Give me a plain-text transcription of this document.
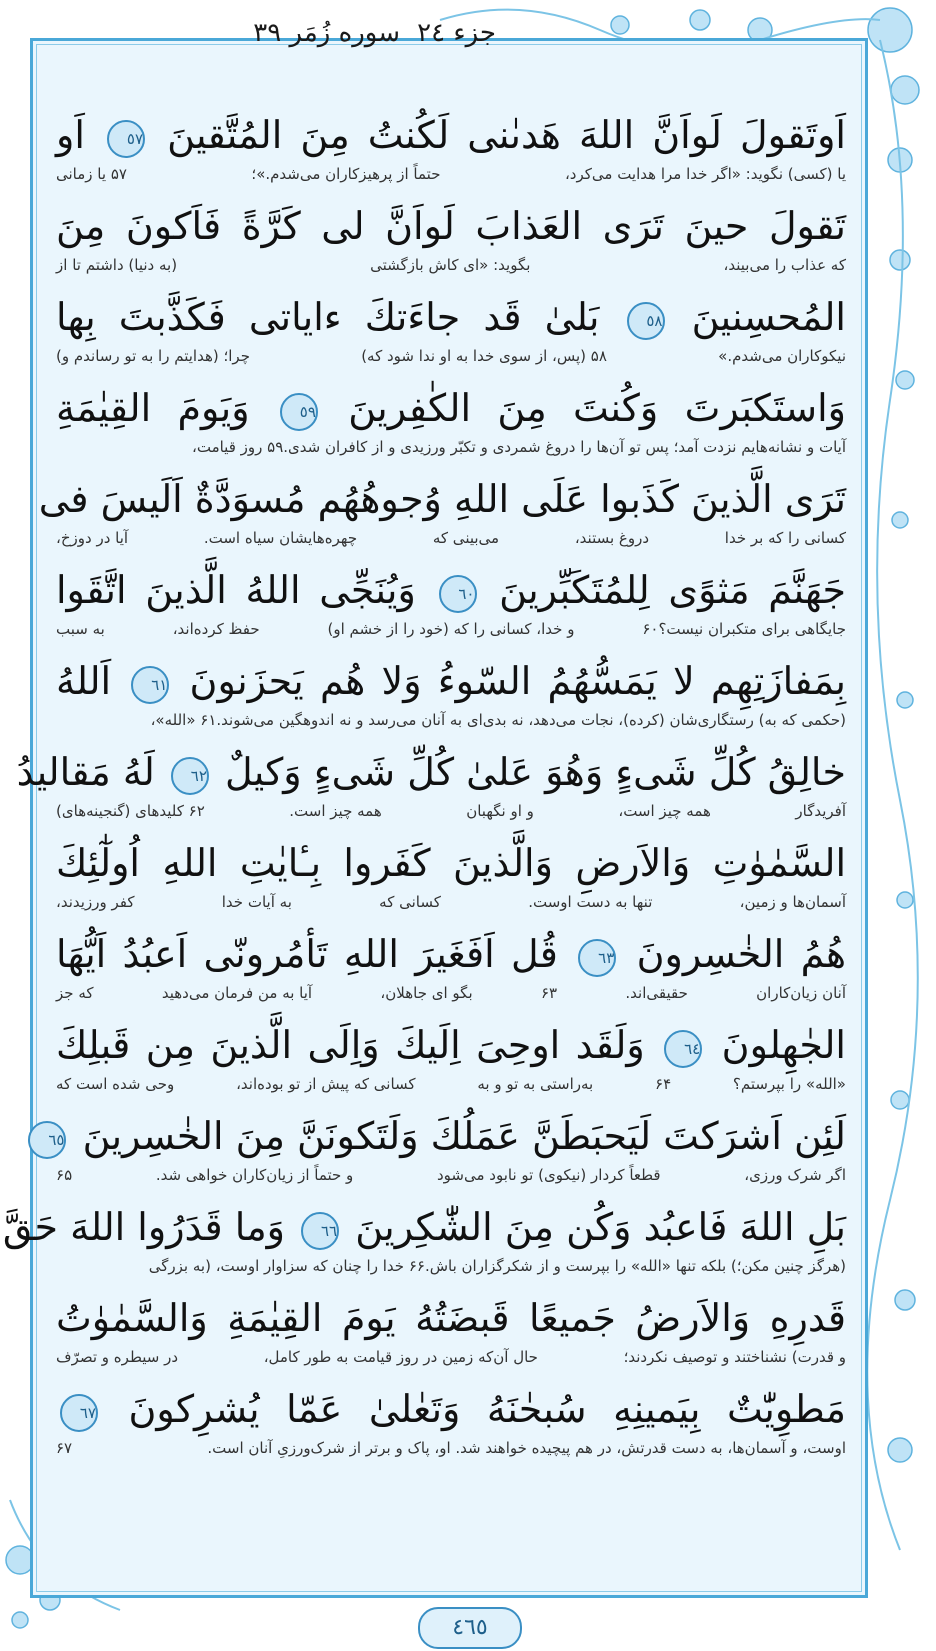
سوره زُمَر ٣٩ جزء ٢٤
اَوتَقولَ لَواَنَّ اللهَ هَدىٰنى لَكُنتُ مِنَ المُتَّقينَ ٥٧ اَو
یا (کسی) نگوید: «اگر خدا مرا هدایت می‌کرد،
حتماً از پرهیزکاران می‌شدم.»؛
۵۷ یا زمانی
تَقولَ حينَ تَرَى العَذابَ لَواَنَّ لى كَرَّةً فَاَكونَ مِنَ
که عذاب را می‌بیند،
بگوید: «ای کاش بازگشتی
(به دنیا) داشتم تا از
المُحسِنينَ ٥٨ بَلىٰ قَد جاءَتكَ ءاياتى فَكَذَّبتَ بِها
نیکوکاران می‌شدم.»
۵۸ (پس، از سوی خدا به او ندا شود که)
چرا؛ (هدایتم را به تو رساندم و)
وَاستَكبَرتَ وَكُنتَ مِنَ الكٰفِرينَ ٥٩ وَيَومَ القِيٰمَةِ
آیات و نشانه‌هایم نزدت آمد؛ پس تو آن‌ها را دروغ شمردی و تکبّر ورزیدی و از کافران شدی.۵۹ روز قیامت،
تَرَى الَّذينَ كَذَبوا عَلَى اللهِ وُجوهُهُم مُسوَدَّةٌ اَلَيسَ فى
کسانی را که بر خدا
دروغ بستند،
می‌بینی که
چهره‌هایشان سیاه است.
آیا در دوزخ،
جَهَنَّمَ مَثوًى لِلمُتَكَبِّرينَ ٦٠ وَيُنَجِّى اللهُ الَّذينَ اتَّقَوا
جایگاهی برای متکبران نیست؟۶۰
و خدا، کسانی را که (خود را از خشم او)
حفظ کرده‌اند،
به سبب
بِمَفازَتِهِم لا يَمَسُّهُمُ السّوءُ وَلا هُم يَحزَنونَ ٦١ اَللهُ
(حکمی که به) رستگاری‌شان (کرده)، نجات می‌دهد، نه بدی‌ای به آنان می‌رسد و نه اندوهگین می‌شوند.۶۱ «الله»،
خالِقُ كُلِّ شَىءٍ وَهُوَ عَلىٰ كُلِّ شَىءٍ وَكيلٌ ٦٢ لَهُ مَقاليدُ
آفریدگار
همه چیز است،
و او نگهبان
همه چیز است.
۶۲ کلیدهای (گنجینه‌های)
السَّمٰوٰتِ وَالاَرضِ وَالَّذينَ كَفَروا بِـٔايٰتِ اللهِ اُولٰٓئِكَ
آسمان‌ها و زمین،
تنها به دست اوست.
کسانی که
به آیات خدا
کفر ورزیدند،
هُمُ الخٰسِرونَ ٦٣ قُل اَفَغَيرَ اللهِ تَأمُرونّى اَعبُدُ اَيُّهَا
آنان زیان‌کاران
حقیقی‌اند.
۶۳
بگو ای جاهلان،
آیا به من فرمان می‌دهید
که جز
الجٰهِلونَ ٦٤ وَلَقَد اوحِىَ اِلَيكَ وَاِلَى الَّذينَ مِن قَبلِكَ
«الله» را بپرستم؟
۶۴
به‌راستی به تو و به
کسانی که پیش از تو بوده‌اند،
وحی شده است که
لَئِن اَشرَكتَ لَيَحبَطَنَّ عَمَلُكَ وَلَتَكونَنَّ مِنَ الخٰسِرينَ ٦٥
اگر شرک ورزی،
قطعاً کردار (نیکوی) تو نابود می‌شود
و حتماً از زیان‌کاران خواهی شد.
۶۵
بَلِ اللهَ فَاعبُد وَكُن مِنَ الشّٰكِرينَ ٦٦ وَما قَدَرُوا اللهَ حَقَّ
(هرگز چنین مکن؛) بلکه تنها «الله» را بپرست و از شکرگزاران باش.۶۶ خدا را چنان که سزاوار اوست، (به بزرگی
قَدرِهِ وَالاَرضُ جَميعًا قَبضَتُهُ يَومَ القِيٰمَةِ وَالسَّمٰوٰتُ
و قدرت) نشناختند و توصیف نکردند؛
حال آن‌که زمین در روز قیامت به طور کامل،
در سیطره و تصرّف
مَطوِيّٰتٌ بِيَمينِهِ سُبحٰنَهُ وَتَعٰلىٰ عَمّا يُشرِكونَ ٦٧
اوست، و آسمان‌ها، به دست قدرتش، در هم پیچیده خواهند شد. او، پاک و برتر از شرک‌ورزیِ آنان است.
۶۷
٤٦٥
